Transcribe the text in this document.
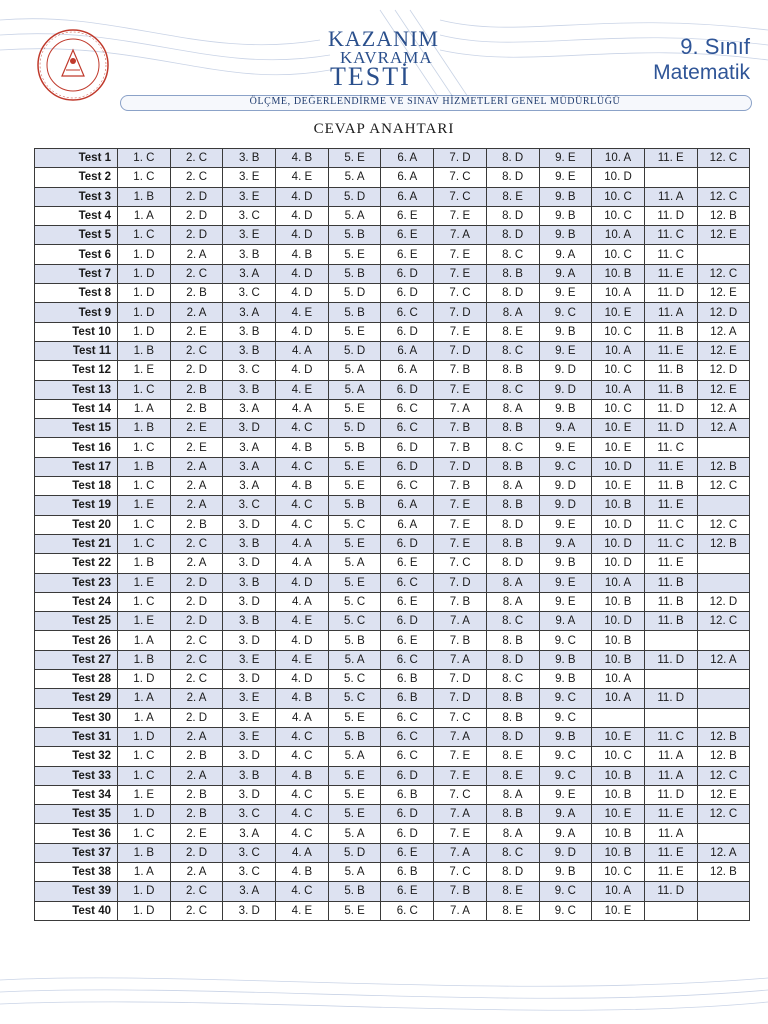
KAZANIM
KAVRAMA
TESTİ
9. Sınıf
Matematik
ÖLÇME, DEĞERLENDİRME VE SINAV HİZMETLERİ GENEL MÜDÜRLÜĞÜ
CEVAP ANAHTARI
Test 1	1. C	2. C	3. B	4. B	5. E	6. A	7. D	8. D	9. E	10. A	11. E	12. C
Test 2	1. C	2. C	3. E	4. E	5. A	6. A	7. C	8. D	9. E	10. D		
Test 3	1. B	2. D	3. E	4. D	5. D	6. A	7. C	8. E	9. B	10. C	11. A	12. C
Test 4	1. A	2. D	3. C	4. D	5. A	6. E	7. E	8. D	9. B	10. C	11. D	12. B
Test 5	1. C	2. D	3. E	4. D	5. B	6. E	7. A	8. D	9. B	10. A	11. C	12. E
Test 6	1. D	2. A	3. B	4. B	5. E	6. E	7. E	8. C	9. A	10. C	11. C	
Test 7	1. D	2. C	3. A	4. D	5. B	6. D	7. E	8. B	9. A	10. B	11. E	12. C
Test 8	1. D	2. B	3. C	4. D	5. D	6. D	7. C	8. D	9. E	10. A	11. D	12. E
Test 9	1. D	2. A	3. A	4. E	5. B	6. C	7. D	8. A	9. C	10. E	11. A	12. D
Test 10	1. D	2. E	3. B	4. D	5. E	6. D	7. E	8. E	9. B	10. C	11. B	12. A
Test 11	1. B	2. C	3. B	4. A	5. D	6. A	7. D	8. C	9. E	10. A	11. E	12. E
Test 12	1. E	2. D	3. C	4. D	5. A	6. A	7. B	8. B	9. D	10. C	11. B	12. D
Test 13	1. C	2. B	3. B	4. E	5. A	6. D	7. E	8. C	9. D	10. A	11. B	12. E
Test 14	1. A	2. B	3. A	4. A	5. E	6. C	7. A	8. A	9. B	10. C	11. D	12. A
Test 15	1. B	2. E	3. D	4. C	5. D	6. C	7. B	8. B	9. A	10. E	11. D	12. A
Test 16	1. C	2. E	3. A	4. B	5. B	6. D	7. B	8. C	9. E	10. E	11. C	
Test 17	1. B	2. A	3. A	4. C	5. E	6. D	7. D	8. B	9. C	10. D	11. E	12. B
Test 18	1. C	2. A	3. A	4. B	5. E	6. C	7. B	8. A	9. D	10. E	11. B	12. C
Test 19	1. E	2. A	3. C	4. C	5. B	6. A	7. E	8. B	9. D	10. B	11. E	
Test 20	1. C	2. B	3. D	4. C	5. C	6. A	7. E	8. D	9. E	10. D	11. C	12. C
Test 21	1. C	2. C	3. B	4. A	5. E	6. D	7. E	8. B	9. A	10. D	11. C	12. B
Test 22	1. B	2. A	3. D	4. A	5. A	6. E	7. C	8. D	9. B	10. D	11. E	
Test 23	1. E	2. D	3. B	4. D	5. E	6. C	7. D	8. A	9. E	10. A	11. B	
Test 24	1. C	2. D	3. D	4. A	5. C	6. E	7. B	8. A	9. E	10. B	11. B	12. D
Test 25	1. E	2. D	3. B	4. E	5. C	6. D	7. A	8. C	9. A	10. D	11. B	12. C
Test 26	1. A	2. C	3. D	4. D	5. B	6. E	7. B	8. B	9. C	10. B		
Test 27	1. B	2. C	3. E	4. E	5. A	6. C	7. A	8. D	9. B	10. B	11. D	12. A
Test 28	1. D	2. C	3. D	4. D	5. C	6. B	7. D	8. C	9. B	10. A		
Test 29	1. A	2. A	3. E	4. B	5. C	6. B	7. D	8. B	9. C	10. A	11. D	
Test 30	1. A	2. D	3. E	4. A	5. E	6. C	7. C	8. B	9. C			
Test 31	1. D	2. A	3. E	4. C	5. B	6. C	7. A	8. D	9. B	10. E	11. C	12. B
Test 32	1. C	2. B	3. D	4. C	5. A	6. C	7. E	8. E	9. C	10. C	11. A	12. B
Test 33	1. C	2. A	3. B	4. B	5. E	6. D	7. E	8. E	9. C	10. B	11. A	12. C
Test 34	1. E	2. B	3. D	4. C	5. E	6. B	7. C	8. A	9. E	10. B	11. D	12. E
Test 35	1. D	2. B	3. C	4. C	5. E	6. D	7. A	8. B	9. A	10. E	11. E	12. C
Test 36	1. C	2. E	3. A	4. C	5. A	6. D	7. E	8. A	9. A	10. B	11. A	
Test 37	1. B	2. D	3. C	4. A	5. D	6. E	7. A	8. C	9. D	10. B	11. E	12. A
Test 38	1. A	2. A	3. C	4. B	5. A	6. B	7. C	8. D	9. B	10. C	11. E	12. B
Test 39	1. D	2. C	3. A	4. C	5. B	6. E	7. B	8. E	9. C	10. A	11. D	
Test 40	1. D	2. C	3. D	4. E	5. E	6. C	7. A	8. E	9. C	10. E		
